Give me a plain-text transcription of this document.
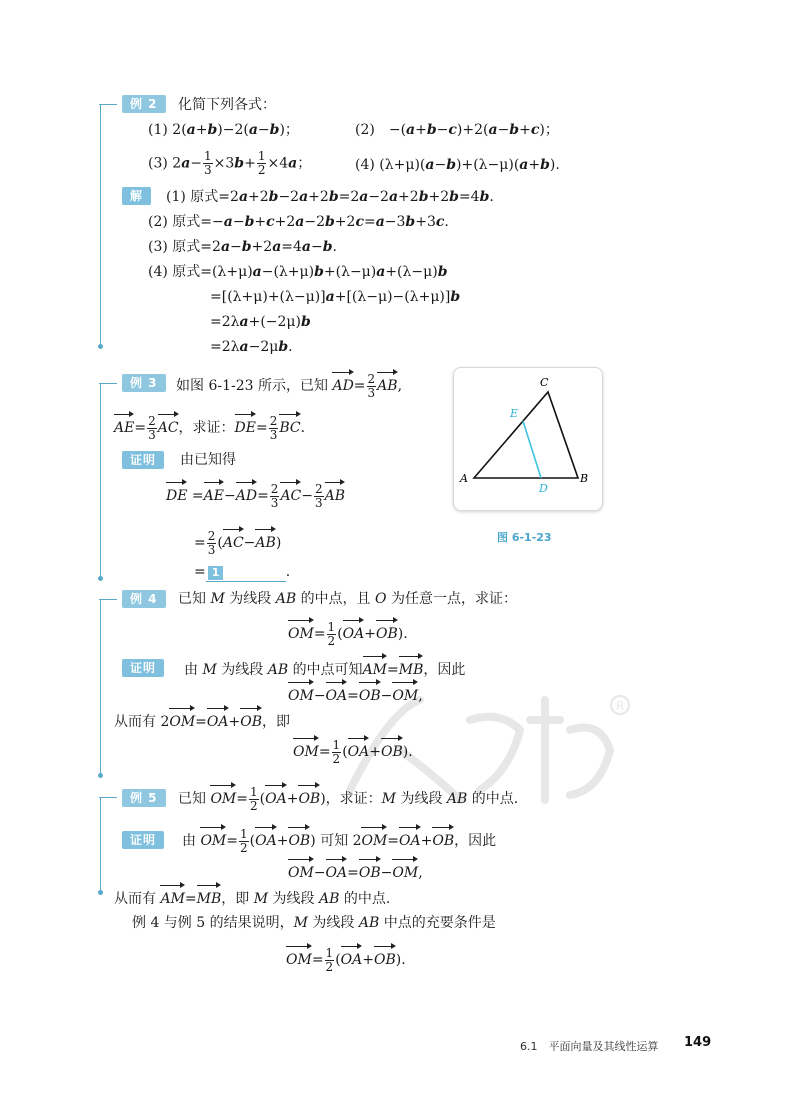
R
例 2	化简下列各式：
(1) 2(a+b)−2(a−b)；	(2)　−(a+b−c)+2(a−b+c)；
(3) $2a- \frac{1}{3} \times 3b+ \frac{1}{2} \times 4a$；	(4) (λ+μ)(a−b)+(λ−μ)(a+b).
解	(1) 原式=2a+2b−2a+2b=2a−2a+2b+2b=4b.
(2) 原式=−a−b+c+2a−2b+2c=a−3b+3c.
(3) 原式=2a−b+2a=4a−b.
(4) 原式=(λ+μ)a−(λ+μ)b+(λ−μ)a+(λ−μ)b
=[(λ+μ)+(λ−μ)]a+[(λ−μ)−(λ+μ)]b
=2λa+(−2μ)b
=2λa−2μb.
例 3	如图 6-1-23 所示，已知 $AD= \frac{2}{3}$ AB,
$AE= \frac{2}{3}$ AC，求证：$DE= \frac{2}{3}$ BC.
证明	由已知得
DE $=AE-AD= \frac{2}{3} AC- \frac{2}{3}$ AB
= $\frac{2}{3} (AC-AB)$
= 1	.
A	B
C
D
E
图 6-1-23
例 4	已知 M 为线段 AB 的中点，且 O 为任意一点，求证：
$OM= \frac{1}{2} (OA+OB)$.
证明	由 M 为线段 AB 的中点可知AM=MB，因此
OM−OA=OB−OM,
从而有 2OM=OA+OB，即
$OM= \frac{1}{2} (OA+OB)$.
例 5	已知 $OM= \frac{1}{2} (OA+OB)$，求证：M 为线段 AB 的中点.
证明	由 $OM= \frac{1}{2} (OA+OB)$ 可知 2OM=OA+OB，因此
OM−OA=OB−OM,
从而有 AM=MB，即 M 为线段 AB 的中点.
例 4 与例 5 的结果说明，M 为线段 AB 中点的充要条件是
$OM= \frac{1}{2} (OA+OB)$.
6.1　平面向量及其线性运算 149
